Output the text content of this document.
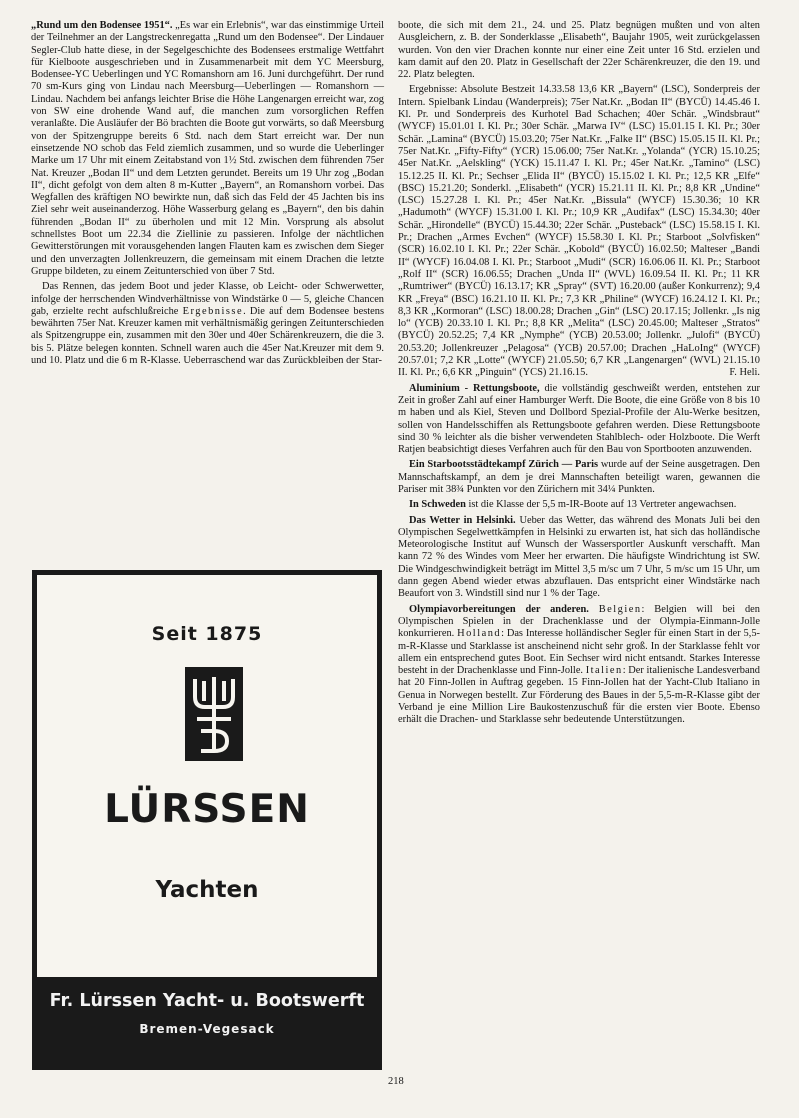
„Rund um den Bodensee 1951“. „Es war ein Erlebnis“, war das einstimmige Urteil der Teilnehmer an der Langstreckenregatta „Rund um den Bodensee“. Der Lindauer Segler-Club hatte diese, in der Segelgeschichte des Bodensees erstmalige Wettfahrt für Kielboote ausgeschrieben und in Zusammenarbeit mit dem YC Meersburg, Bodensee-YC Ueberlingen und YC Romanshorn am 16. Juni durchgeführt. Der rund 70 sm-Kurs ging von Lindau nach Meersburg—Ueberlingen — Romanshorn — Lindau. Nachdem bei anfangs leichter Brise die Höhe Langenargen erreicht war, zog von SW eine drohende Wand auf, die manchen zum vorsorglichen Reffen veranlaßte. Die Ausläufer der Bö brachten die Boote gut vorwärts, so daß Meersburg von der Spitzengruppe bereits 6 Std. nach dem Start erreicht war. Der nun einsetzende NO schob das Feld ziemlich zusammen, und so wurde die Ueberlinger Marke um 17 Uhr mit einem Zeitabstand von 1½ Std. zwischen dem führenden 75er Nat. Kreuzer „Bodan II“ und dem Letzten gerundet. Bereits um 19 Uhr zog „Bodan II“, dicht gefolgt von dem alten 8 m-Kutter „Bayern“, an Romanshorn vorbei. Das Wegfallen des kräftigen NO bewirkte nun, daß sich das Feld der 45 Jachten bis ins Ziel sehr weit auseinanderzog. Höhe Wasserburg gelang es „Bayern“, den bis dahin führenden „Bodan II“ zu überholen und mit 12 Min. Vorsprung als absolut schnellstes Boot um 22.34 die Ziellinie zu passieren. Infolge der nächtlichen Gewitterstörungen mit vorausgehenden langen Flauten kam es zwischen dem Sieger und den unverzagten Jollenkreuzern, die gemeinsam mit einem Drachen die letzte Gruppe bildeten, zu einem Zeitunterschied von über 7 Std.

Das Rennen, das jedem Boot und jeder Klasse, ob Leicht- oder Schwerwetter, infolge der herrschenden Windverhältnisse von Windstärke 0 — 5, gleiche Chancen gab, erzielte recht aufschlußreiche Ergebnisse. Die auf dem Bodensee bestens bewährten 75er Nat. Kreuzer kamen mit verhältnismäßig geringen Zeitunterschieden als Spitzengruppe ein, zusammen mit den 30er und 40er Schärenkreuzern, die die 3. bis 5. Plätze belegen konnten. Schnell waren auch die 45er Nat.Kreuzer mit dem 9. und 10. Platz und die 6 m R-Klasse. Ueberraschend war das Zurückbleiben der Star-

Seit 1875
LÜRSSEN
Yachten
Fr. Lürssen Yacht- u. Bootswerft
Bremen-Vegesack

boote, die sich mit dem 21., 24. und 25. Platz begnügen mußten und von alten Ausgleichern, z. B. der Sonderklasse „Elisabeth“, Baujahr 1905, weit zurückgelassen wurden. Von den vier Drachen konnte nur einer eine Zeit unter 16 Std. erzielen und kam damit auf den 20. Platz in Gesellschaft der 22er Schärenkreuzer, die den 19. und 22. Platz belegten.

Ergebnisse: Absolute Bestzeit 14.33.58 13,6 KR „Bayern“ (LSC), Sonderpreis der Intern. Spielbank Lindau (Wanderpreis); 75er Nat.Kr. „Bodan II“ (BYCÜ) 14.45.46 I. Kl. Pr. und Sonderpreis des Kurhotel Bad Schachen; 40er Schär. „Windsbraut“ (WYCF) 15.01.01 I. Kl. Pr.; 30er Schär. „Marwa IV“ (LSC) 15.01.15 I. Kl. Pr.; 30er Schär. „Lamina“ (BYCÜ) 15.03.20; 75er Nat.Kr. „Falke II“ (BSC) 15.05.15 II. Kl. Pr.; 75er Nat.Kr. „Fifty-Fifty“ (YCR) 15.06.00; 75er Nat.Kr. „Yolanda“ (YCR) 15.10.25; 45er Nat.Kr. „Aelskling“ (YCK) 15.11.47 I. Kl. Pr.; 45er Nat.Kr. „Tamino“ (LSC) 15.12.25 II. Kl. Pr.; Sechser „Elida II“ (BYCÜ) 15.15.02 I. Kl. Pr.; 12,5 KR „Elfe“ (BSC) 15.21.20; Sonderkl. „Elisabeth“ (YCR) 15.21.11 II. Kl. Pr.; 8,8 KR „Undine“ (LSC) 15.27.28 I. Kl. Pr.; 45er Nat.Kr. „Bissula“ (WYCF) 15.30.36; 10 KR „Hadumoth“ (WYCF) 15.31.00 I. Kl. Pr.; 10,9 KR „Audifax“ (LSC) 15.34.30; 40er Schär. „Hirondelle“ (BYCÜ) 15.44.30; 22er Schär. „Pusteback“ (LSC) 15.58.15 I. Kl. Pr.; Drachen „Armes Evchen“ (WYCF) 15.58.30 I. Kl. Pr.; Starboot „Solvfisken“ (SCR) 16.02.10 I. Kl. Pr.; 22er Schär. „Kobold“ (BYCÜ) 16.02.50; Malteser „Bandi II“ (WYCF) 16.04.08 I. Kl. Pr.; Starboot „Mudi“ (SCR) 16.06.06 II. Kl. Pr.; Starboot „Rolf II“ (SCR) 16.06.55; Drachen „Unda II“ (WVL) 16.09.54 II. Kl. Pr.; 11 KR „Rumtriwer“ (BYCÜ) 16.13.17; KR „Spray“ (SVT) 16.20.00 (außer Konkurrenz); 9,4 KR „Freya“ (BSC) 16.21.10 II. Kl. Pr.; 7,3 KR „Philine“ (WYCF) 16.24.12 I. Kl. Pr.; 8,3 KR „Kormoran“ (LSC) 18.00.28; Drachen „Gin“ (LSC) 20.17.15; Jollenkr. „Is nig lo“ (YCB) 20.33.10 I. Kl. Pr.; 8,8 KR „Melita“ (LSC) 20.45.00; Malteser „Stratos“ (BYCÜ) 20.52.25; 7,4 KR „Nymphe“ (YCB) 20.53.00; Jollenkr. „Julofi“ (BYCÜ) 20.53.20; Jollenkreuzer „Pelagosa“ (YCB) 20.57.00; Drachen „HaLoIng“ (WYCF) 20.57.01; 7,2 KR „Lotte“ (WYCF) 21.05.50; 6,7 KR „Langenargen“ (WVL) 21.15.10 II. Kl. Pr.; 6,6 KR „Pinguin“ (YCS) 21.16.15.	F. Heli.

Aluminium - Rettungsboote, die vollständig geschweißt werden, entstehen zur Zeit in großer Zahl auf einer Hamburger Werft. Die Boote, die eine Größe von 8 bis 10 m haben und als Kiel, Steven und Dollbord Spezial-Profile der Alu-Werke besitzen, sollen von Handelsschiffen als Rettungsboote gefahren werden. Diese Rettungsboote sind 30 % leichter als die bisher verwendeten Stahlblech- oder Holzboote. Die Werft Ratjen beabsichtigt dieses Verfahren auch für den Bau von Sportbooten anzuwenden.

Ein Starbootsstädtekampf Zürich — Paris wurde auf der Seine ausgetragen. Den Mannschaftskampf, an dem je drei Mannschaften beteiligt waren, gewannen die Pariser mit 38¾ Punkten vor den Zürichern mit 34¼ Punkten.

In Schweden ist die Klasse der 5,5 m-IR-Boote auf 13 Vertreter angewachsen.

Das Wetter in Helsinki. Ueber das Wetter, das während des Monats Juli bei den Olympischen Segelwettkämpfen in Helsinki zu erwarten ist, hat sich das holländische Meteorologische Institut auf Wunsch der Wassersportler Auskunft verschafft. Man kann 72 % des Windes vom Meer her erwarten. Die häufigste Windrichtung ist SW. Die Windgeschwindigkeit beträgt im Mittel 3,5 m/sc um 7 Uhr, 5 m/sc um 15 Uhr, um dann gegen Abend wieder etwas abzuflauen. Das entspricht einer Windstärke nach Beaufort von 3. Windstill sind nur 1 % der Tage.

Olympiavorbereitungen der anderen. Belgien: Belgien will bei den Olympischen Spielen in der Drachenklasse und der Olympia-Einmann-Jolle konkurrieren. Holland: Das Interesse holländischer Segler für einen Start in der 5,5-m-R-Klasse und Starklasse ist anscheinend nicht sehr groß. In der Starklasse fehlt vor allem ein entsprechend gutes Boot. Ein Sechser wird nicht entsandt. Starkes Interesse besteht in der Drachenklasse und Finn-Jolle. Italien: Der italienische Landesverband hat 20 Finn-Jollen in Auftrag gegeben. 15 Finn-Jollen hat der Yacht-Club Italiano in Genua in Norwegen bestellt. Zur Förderung des Baues in der 5,5-m-R-Klasse gibt der Verband je eine Million Lire Baukostenzuschuß für die ersten vier Boote. Ebenso erhält die Drachen- und Starklasse sehr bedeutende Unterstützungen.

218
